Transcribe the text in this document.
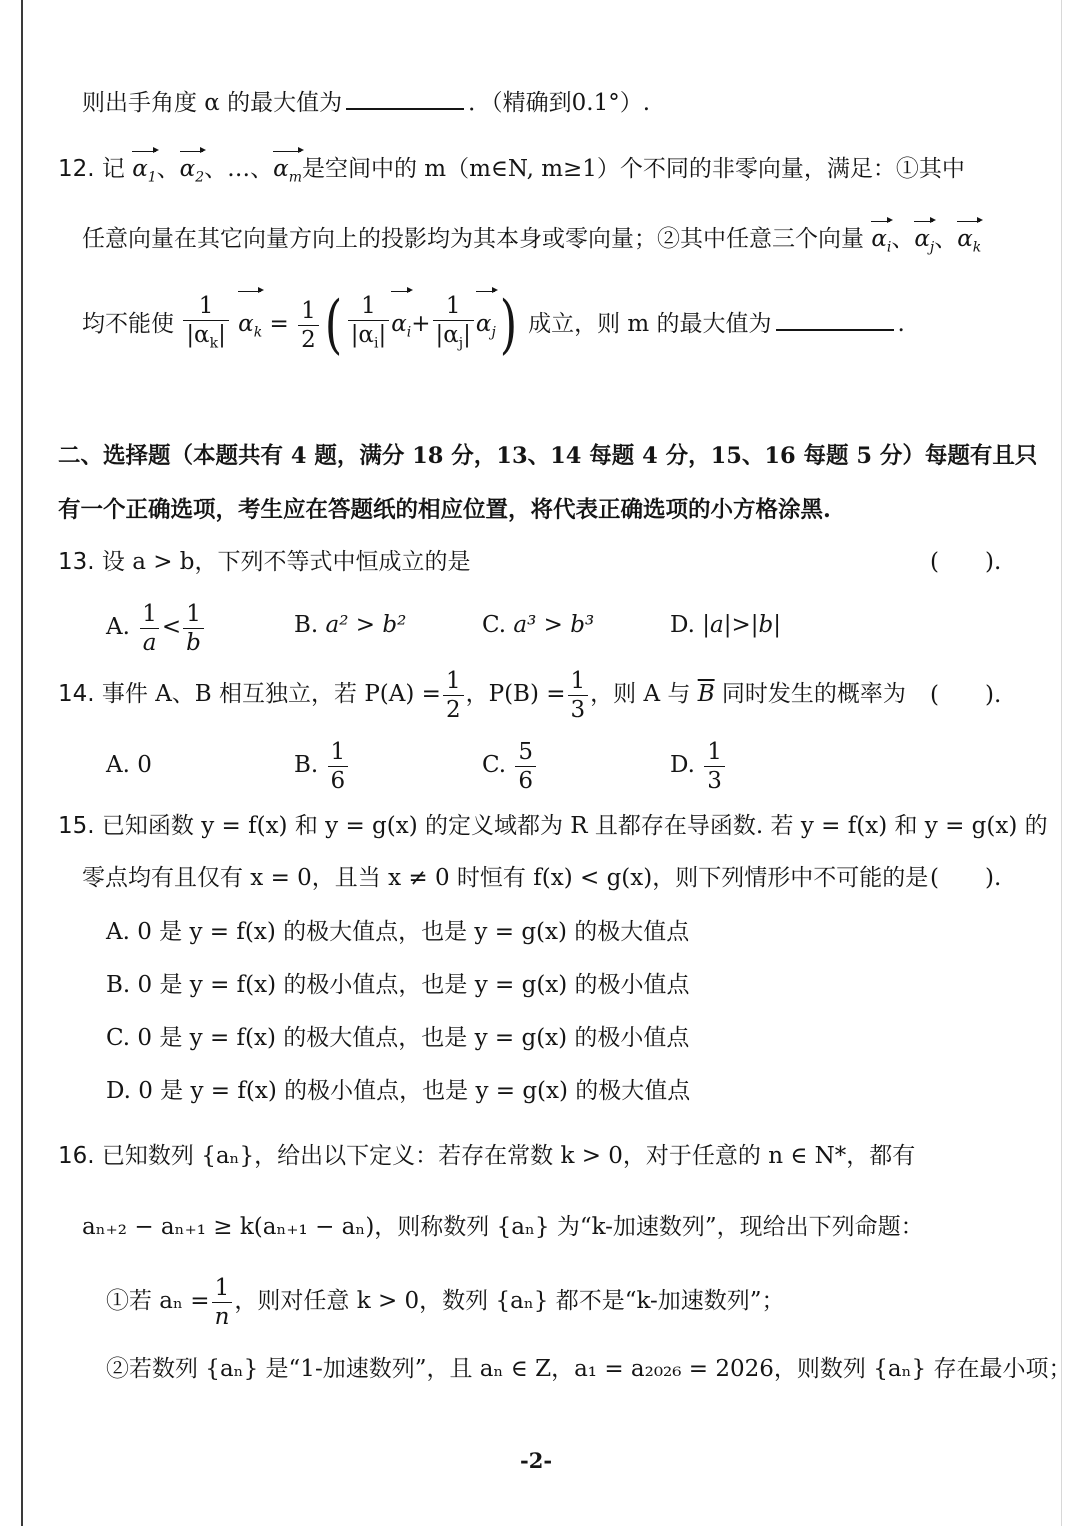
则出手角度 α 的最大值为	．（精确到0.1°）.
12. 记 $\alpha_1$、$\alpha_2$、…、$\alpha_m$是空间中的 m（m∈N, m≥1）个不同的非零向量，满足：①其中
任意向量在其它向量方向上的投影均为其本身或零向量；②其中任意三个向量 $\alpha_i$、$\alpha_j$、$\alpha_k$
均不能使 $\frac{1}{|\alpha_k|} \alpha_k = \frac{1}{2}$ ( $\frac{1}{|\alpha_i|} \alpha_i+ \frac{1}{|\alpha_j|} \alpha_j$) 成立，则 m 的最大值为	.
二、选择题（本题共有 4 题，满分 18 分，13、14 每题 4 分，15、16 每题 5 分）每题有且只
有一个正确选项，考生应在答题纸的相应位置，将代表正确选项的小方格涂黑.
13. 设 a > b，下列不等式中恒成立的是	(　　).
A. $\frac{1}{a} < \frac{1}{b}$	B. a² > b²	C. a³ > b³	D. |a|>|b|
14. 事件 A、B 相互独立，若 $P(A) = \frac{1}{2}$ ，$P(B) = \frac{1}{3}$ ，则 A 与 $\overline{B}$ 同时发生的概率为 (　　).
A. 0	B. $\frac{1}{6}$	C. $\frac{5}{6}$	D. $\frac{1}{3}$
15. 已知函数 y = f(x) 和 y = g(x) 的定义域都为 R 且都存在导函数. 若 y = f(x) 和 y = g(x) 的
零点均有且仅有 x = 0，且当 x ≠ 0 时恒有 f(x) < g(x)，则下列情形中不可能的是 (　　).
A. 0 是 y = f(x) 的极大值点，也是 y = g(x) 的极大值点
B. 0 是 y = f(x) 的极小值点，也是 y = g(x) 的极小值点
C. 0 是 y = f(x) 的极大值点，也是 y = g(x) 的极小值点
D. 0 是 y = f(x) 的极小值点，也是 y = g(x) 的极大值点
16. 已知数列 {aₙ}，给出以下定义：若存在常数 k > 0，对于任意的 n ∈ N*，都有
aₙ₊₂ − aₙ₊₁ ≥ k(aₙ₊₁ − aₙ)，则称数列 {aₙ} 为“k-加速数列”，现给出下列命题：
①若 $a_n = \frac{1}{n}$ ，则对任意 k > 0，数列 {aₙ} 都不是“k-加速数列”；
②若数列 {aₙ} 是“1-加速数列”，且 aₙ ∈ Z，a₁ = a₂₀₂₆ = 2026，则数列 {aₙ} 存在最小项；
-2-
